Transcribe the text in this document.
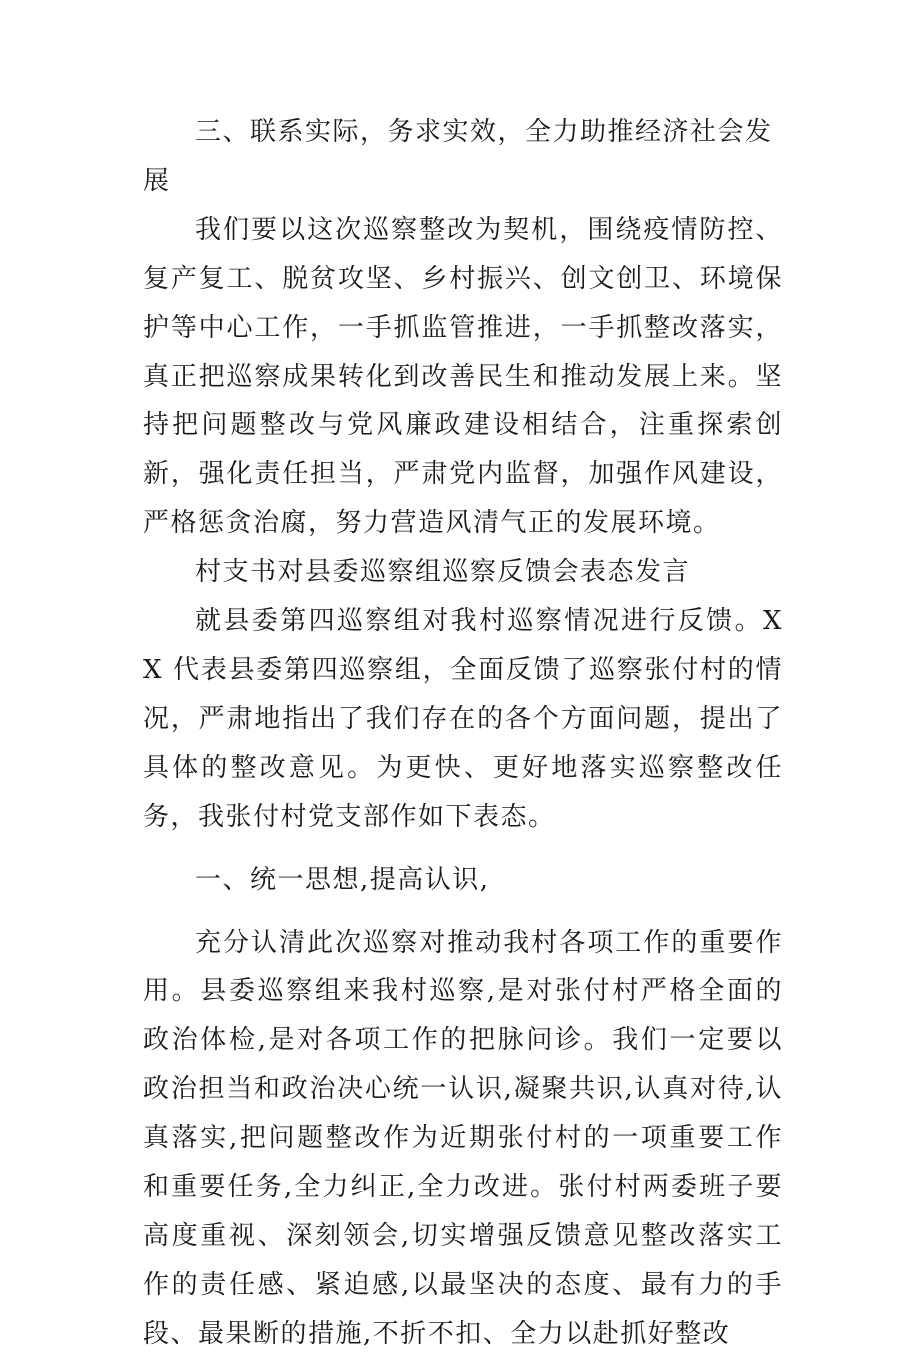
三、联系实际，务求实效，全力助推经济社会发展

我们要以这次巡察整改为契机，围绕疫情防控、复产复工、脱贫攻坚、乡村振兴、创文创卫、环境保护等中心工作，一手抓监管推进，一手抓整改落实，真正把巡察成果转化到改善民生和推动发展上来。坚持把问题整改与党风廉政建设相结合，注重探索创新，强化责任担当，严肃党内监督，加强作风建设，严格惩贪治腐，努力营造风清气正的发展环境。

村支书对县委巡察组巡察反馈会表态发言

就县委第四巡察组对我村巡察情况进行反馈。XX 代表县委第四巡察组，全面反馈了巡察张付村的情况，严肃地指出了我们存在的各个方面问题，提出了具体的整改意见。为更快、更好地落实巡察整改任务，我张付村党支部作如下表态。

一、统一思想,提高认识,

充分认清此次巡察对推动我村各项工作的重要作用。县委巡察组来我村巡察,是对张付村严格全面的政治体检,是对各项工作的把脉问诊。我们一定要以政治担当和政治决心统一认识,凝聚共识,认真对待,认真落实,把问题整改作为近期张付村的一项重要工作和重要任务,全力纠正,全力改进。张付村两委班子要高度重视、深刻领会,切实增强反馈意见整改落实工作的责任感、紧迫感,以最坚决的态度、最有力的手段、最果断的措施,不折不扣、全力以赴抓好整改
